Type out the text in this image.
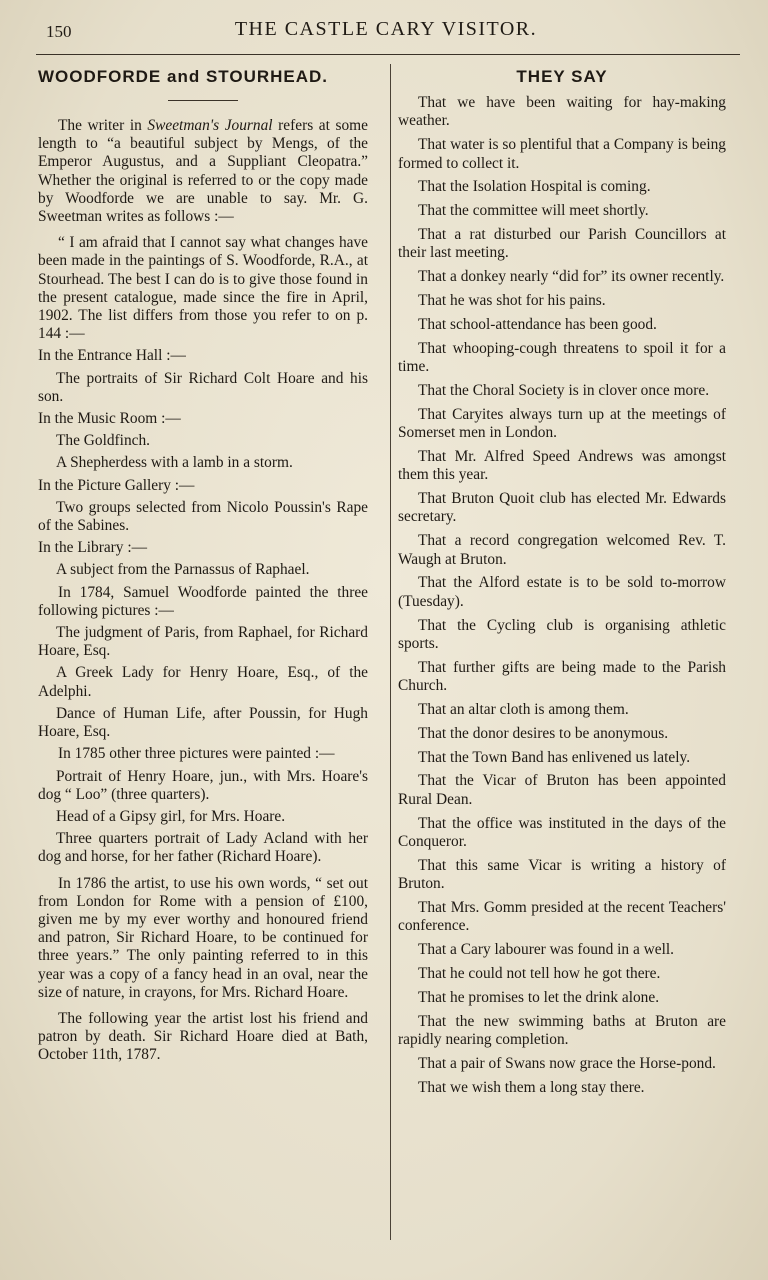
150	THE CASTLE CARY VISITOR.
WOODFORDE and STOURHEAD.

The writer in Sweetman's Journal refers at some length to “a beautiful subject by Mengs, of the Emperor Augustus, and a Suppliant Cleopatra.” Whether the original is referred to or the copy made by Woodforde we are unable to say. Mr. G. Sweetman writes as follows :—

“ I am afraid that I cannot say what changes have been made in the paintings of S. Woodforde, R.A., at Stourhead. The best I can do is to give those found in the present catalogue, made since the fire in April, 1902. The list differs from those you refer to on p. 144 :—

In the Entrance Hall :—

The portraits of Sir Richard Colt Hoare and his son.

In the Music Room :—

The Goldfinch.

A Shepherdess with a lamb in a storm.

In the Picture Gallery :—

Two groups selected from Nicolo Poussin's Rape of the Sabines.

In the Library :—

A subject from the Parnassus of Raphael.

In 1784, Samuel Woodforde painted the three following pictures :—

The judgment of Paris, from Raphael, for Richard Hoare, Esq.

A Greek Lady for Henry Hoare, Esq., of the Adelphi.

Dance of Human Life, after Poussin, for Hugh Hoare, Esq.

In 1785 other three pictures were painted :—

Portrait of Henry Hoare, jun., with Mrs. Hoare's dog “ Loo” (three quarters).

Head of a Gipsy girl, for Mrs. Hoare.

Three quarters portrait of Lady Acland with her dog and horse, for her father (Richard Hoare).

In 1786 the artist, to use his own words, “ set out from London for Rome with a pension of £100, given me by my ever worthy and honoured friend and patron, Sir Richard Hoare, to be continued for three years.” The only painting referred to in this year was a copy of a fancy head in an oval, near the size of nature, in crayons, for Mrs. Richard Hoare.

The following year the artist lost his friend and patron by death. Sir Richard Hoare died at Bath, October 11th, 1787.

THEY SAY

That we have been waiting for hay-making weather.

That water is so plentiful that a Company is being formed to collect it.

That the Isolation Hospital is coming.

That the committee will meet shortly.

That a rat disturbed our Parish Councillors at their last meeting.

That a donkey nearly “did for” its owner recently.

That he was shot for his pains.

That school-attendance has been good.

That whooping-cough threatens to spoil it for a time.

That the Choral Society is in clover once more.

That Caryites always turn up at the meetings of Somerset men in London.

That Mr. Alfred Speed Andrews was amongst them this year.

That Bruton Quoit club has elected Mr. Edwards secretary.

That a record congregation welcomed Rev. T. Waugh at Bruton.

That the Alford estate is to be sold to-morrow (Tuesday).

That the Cycling club is organising athletic sports.

That further gifts are being made to the Parish Church.

That an altar cloth is among them.

That the donor desires to be anonymous.

That the Town Band has enlivened us lately.

That the Vicar of Bruton has been appointed Rural Dean.

That the office was instituted in the days of the Conqueror.

That this same Vicar is writing a history of Bruton.

That Mrs. Gomm presided at the recent Teachers' conference.

That a Cary labourer was found in a well.

That he could not tell how he got there.

That he promises to let the drink alone.

That the new swimming baths at Bruton are rapidly nearing completion.

That a pair of Swans now grace the Horse-pond.

That we wish them a long stay there.
